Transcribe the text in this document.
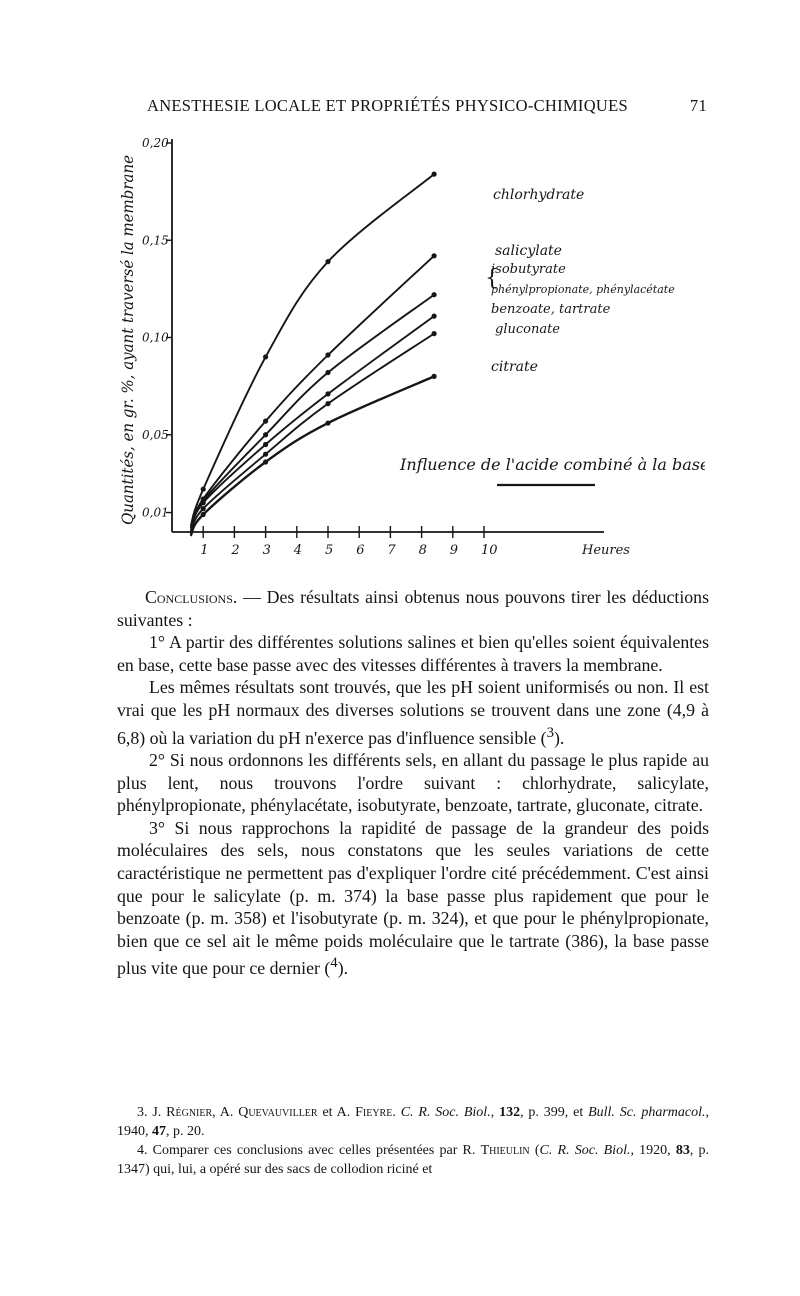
ANESTHESIE LOCALE ET PROPRIÉTÉS PHYSICO-CHIMIQUES	71
0,01
0,05
0,10
0,15
0,20
1 2 3 4 5 6 7 8 9 10	Heures
Quantités, en gr. %, ayant traversé la membrane	chlorhydrate
salicylate
isobutyrate
phénylpropionate, phénylacétate
benzoate, tartrate
gluconate
citrate
{
Influence de l'acide combiné à la base

Conclusions. — Des résultats ainsi obtenus nous pouvons tirer les déductions suivantes :

1° A partir des différentes solutions salines et bien qu'elles soient équivalentes en base, cette base passe avec des vitesses différentes à travers la membrane.

Les mêmes résultats sont trouvés, que les pH soient uniformisés ou non. Il est vrai que les pH normaux des diverses solutions se trouvent dans une zone (4,9 à 6,8) où la variation du pH n'exerce pas d'influence sensible ($^3$).

2° Si nous ordonnons les différents sels, en allant du passage le plus rapide au plus lent, nous trouvons l'ordre suivant : chlorhydrate, salicylate, phénylpropionate, phénylacétate, isobutyrate, benzoate, tartrate, gluconate, citrate.

3° Si nous rapprochons la rapidité de passage de la grandeur des poids moléculaires des sels, nous constatons que les seules variations de cette caractéristique ne permettent pas d'expliquer l'ordre cité précédemment. C'est ainsi que pour le salicylate (p. m. 374) la base passe plus rapidement que pour le benzoate (p. m. 358) et l'isobutyrate (p. m. 324), et que pour le phénylpropionate, bien que ce sel ait le même poids moléculaire que le tartrate (386), la base passe plus vite que pour ce dernier ($^4$).

3. J. Régnier, A. Quevauviller et A. Fieyre. C. R. Soc. Biol., 132, p. 399, et Bull. Sc. pharmacol., 1940, 47, p. 20.

4. Comparer ces conclusions avec celles présentées par R. Thieulin (C. R. Soc. Biol., 1920, 83, p. 1347) qui, lui, a opéré sur des sacs de collodion riciné et
